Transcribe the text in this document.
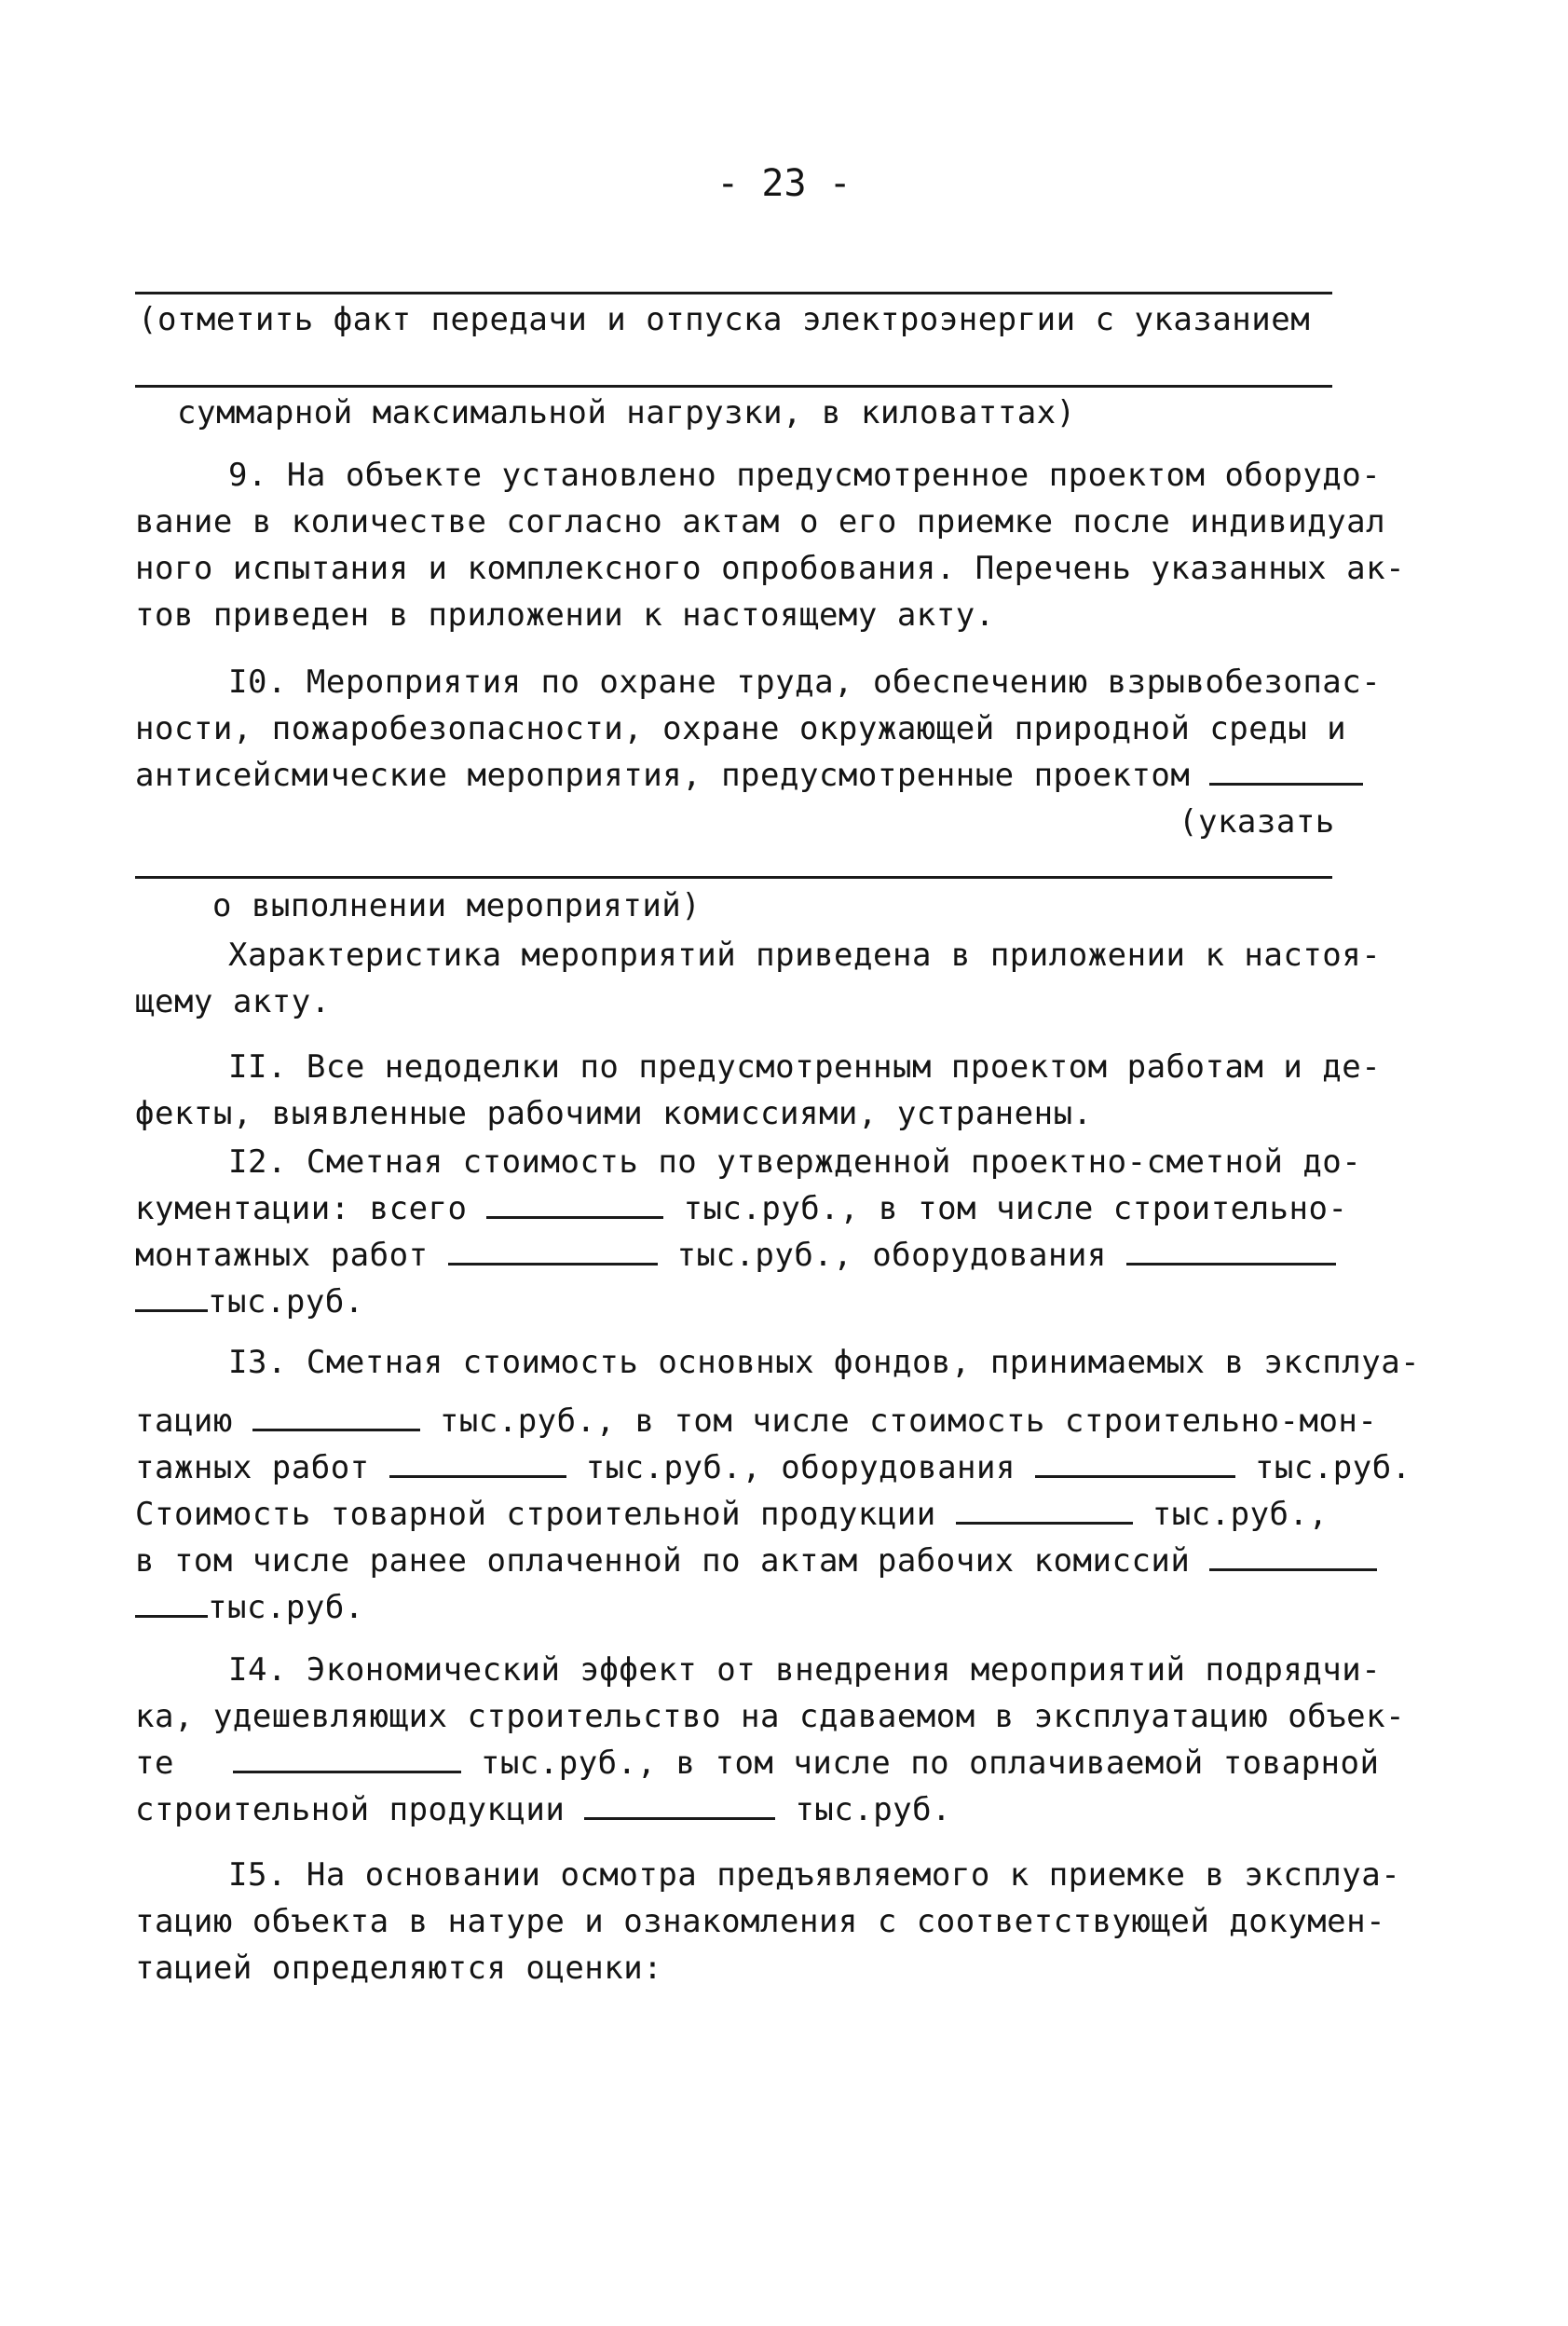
- 23 -
(отметить факт передачи и отпуска электроэнергии с указанием
суммарной максимальной нагрузки, в киловаттах)
9. На объекте установлено предусмотренное проектом оборудо-
вание в количестве согласно актам о его приемке после индивидуал
ного испытания и комплексного опробования. Перечень указанных ак-
тов приведен в приложении к настоящему акту.
I0. Мероприятия по охране труда, обеспечению взрывобезопас-
ности, пожаробезопасности, охране окружающей природной среды и
антисейсмические мероприятия, предусмотренные проектом
(указать
о выполнении мероприятий)
Характеристика мероприятий приведена в приложении к настоя-
щему акту.
II. Все недоделки по предусмотренным проектом работам и де-
фекты, выявленные рабочими комиссиями, устранены.
I2. Сметная стоимость по утвержденной проектно-сметной до-
кументации: всего	тыс.руб., в том числе строительно-
монтажных работ	тыс.руб., оборудования
тыс.руб.
I3. Сметная стоимость основных фондов, принимаемых в эксплуа-
тацию	тыс.руб., в том числе стоимость строительно-мон-
тажных работ	тыс.руб., оборудования	тыс.руб.
Стоимость товарной строительной продукции	тыс.руб.,
в том числе ранее оплаченной по актам рабочих комиссий
тыс.руб.
I4. Экономический эффект от внедрения мероприятий подрядчи-
ка, удешевляющих строительство на сдаваемом в эксплуатацию объек-
те	тыс.руб., в том числе по оплачиваемой товарной
строительной продукции	тыс.руб.
I5. На основании осмотра предъявляемого к приемке в эксплуа-
тацию объекта в натуре и ознакомления с соответствующей докумен-
тацией определяются оценки:
